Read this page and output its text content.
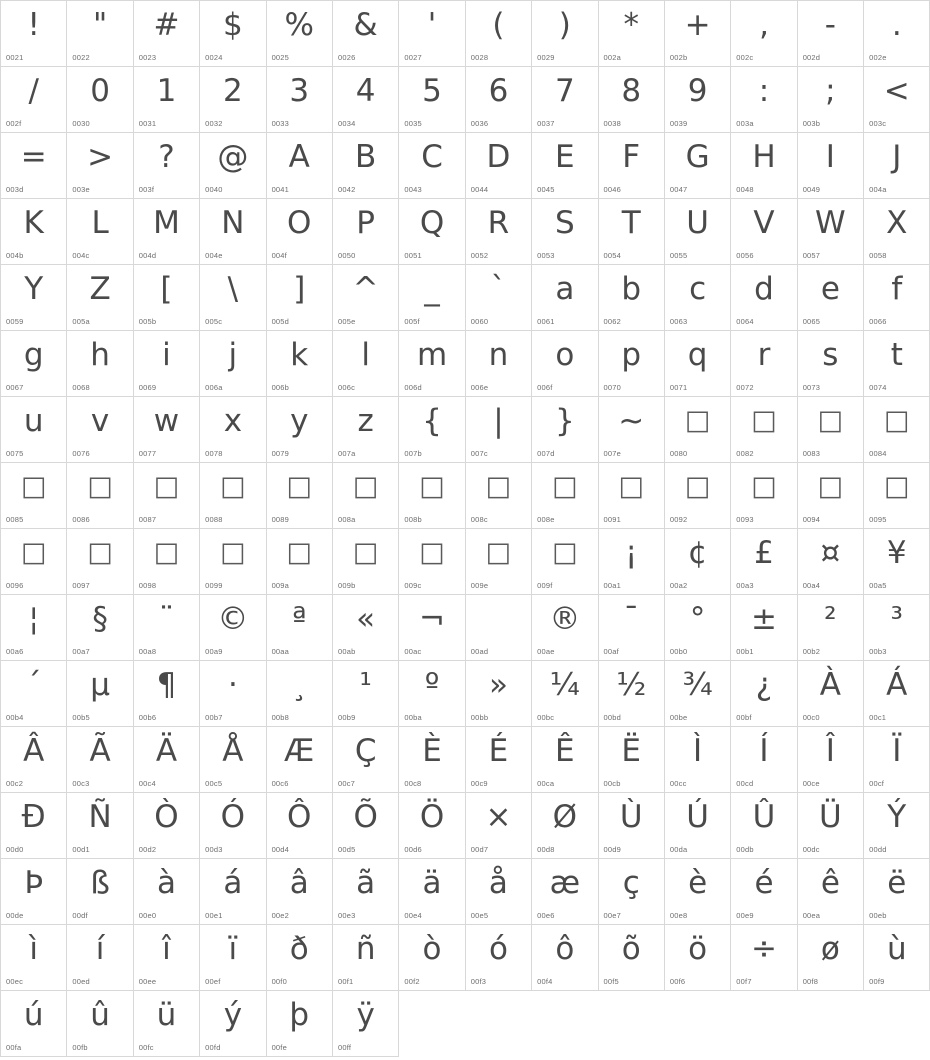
!
0021
"
0022
#
0023
$
0024
%
0025
&
0026
'
0027
(
0028
)
0029
*
002a
+
002b
,
002c
-
002d
.
002e
/
002f
0
0030
1
0031
2
0032
3
0033
4
0034
5
0035
6
0036
7
0037
8
0038
9
0039
:
003a
;
003b
<
003c
=
003d
>
003e
?
003f
@
0040
A
0041
B
0042
C
0043
D
0044
E
0045
F
0046
G
0047
H
0048
I
0049
J
004a
K
004b
L
004c
M
004d
N
004e
O
004f
P
0050
Q
0051
R
0052
S
0053
T
0054
U
0055
V
0056
W
0057
X
0058
Y
0059
Z
005a
[
005b
\
005c
]
005d
^
005e
_
005f
`
0060
a
0061
b
0062
c
0063
d
0064
e
0065
f
0066
g
0067
h
0068
i
0069
j
006a
k
006b
l
006c
m
006d
n
006e
o
006f
p
0070
q
0071
r
0072
s
0073
t
0074
u
0075
v
0076
w
0077
x
0078
y
0079
z
007a
{
007b
|
007c
}
007d
~
007e
□
0080
□
0082
□
0083
□
0084
□
0085
□
0086
□
0087
□
0088
□
0089
□
008a
□
008b
□
008c
□
008e
□
0091
□
0092
□
0093
□
0094
□
0095
□
0096
□
0097
□
0098
□
0099
□
009a
□
009b
□
009c
□
009e
□
009f
¡
00a1
¢
00a2
£
00a3
¤
00a4
¥
00a5
¦
00a6
§
00a7
¨
00a8
©
00a9
ª
00aa
«
00ab
¬
00ac	00ad
®
00ae
¯
00af
°
00b0
±
00b1
²
00b2
³
00b3
´
00b4
µ
00b5
¶
00b6
·
00b7
¸
00b8
¹
00b9
º
00ba
»
00bb
¼
00bc
½
00bd
¾
00be
¿
00bf
À
00c0
Á
00c1
Â
00c2
Ã
00c3
Ä
00c4
Å
00c5
Æ
00c6
Ç
00c7
È
00c8
É
00c9
Ê
00ca
Ë
00cb
Ì
00cc
Í
00cd
Î
00ce
Ï
00cf
Ð
00d0
Ñ
00d1
Ò
00d2
Ó
00d3
Ô
00d4
Õ
00d5
Ö
00d6
×
00d7
Ø
00d8
Ù
00d9
Ú
00da
Û
00db
Ü
00dc
Ý
00dd
Þ
00de
ß
00df
à
00e0
á
00e1
â
00e2
ã
00e3
ä
00e4
å
00e5
æ
00e6
ç
00e7
è
00e8
é
00e9
ê
00ea
ë
00eb
ì
00ec
í
00ed
î
00ee
ï
00ef
ð
00f0
ñ
00f1
ò
00f2
ó
00f3
ô
00f4
õ
00f5
ö
00f6
÷
00f7
ø
00f8
ù
00f9
ú
00fa
û
00fb
ü
00fc
ý
00fd
þ
00fe
ÿ
00ff
